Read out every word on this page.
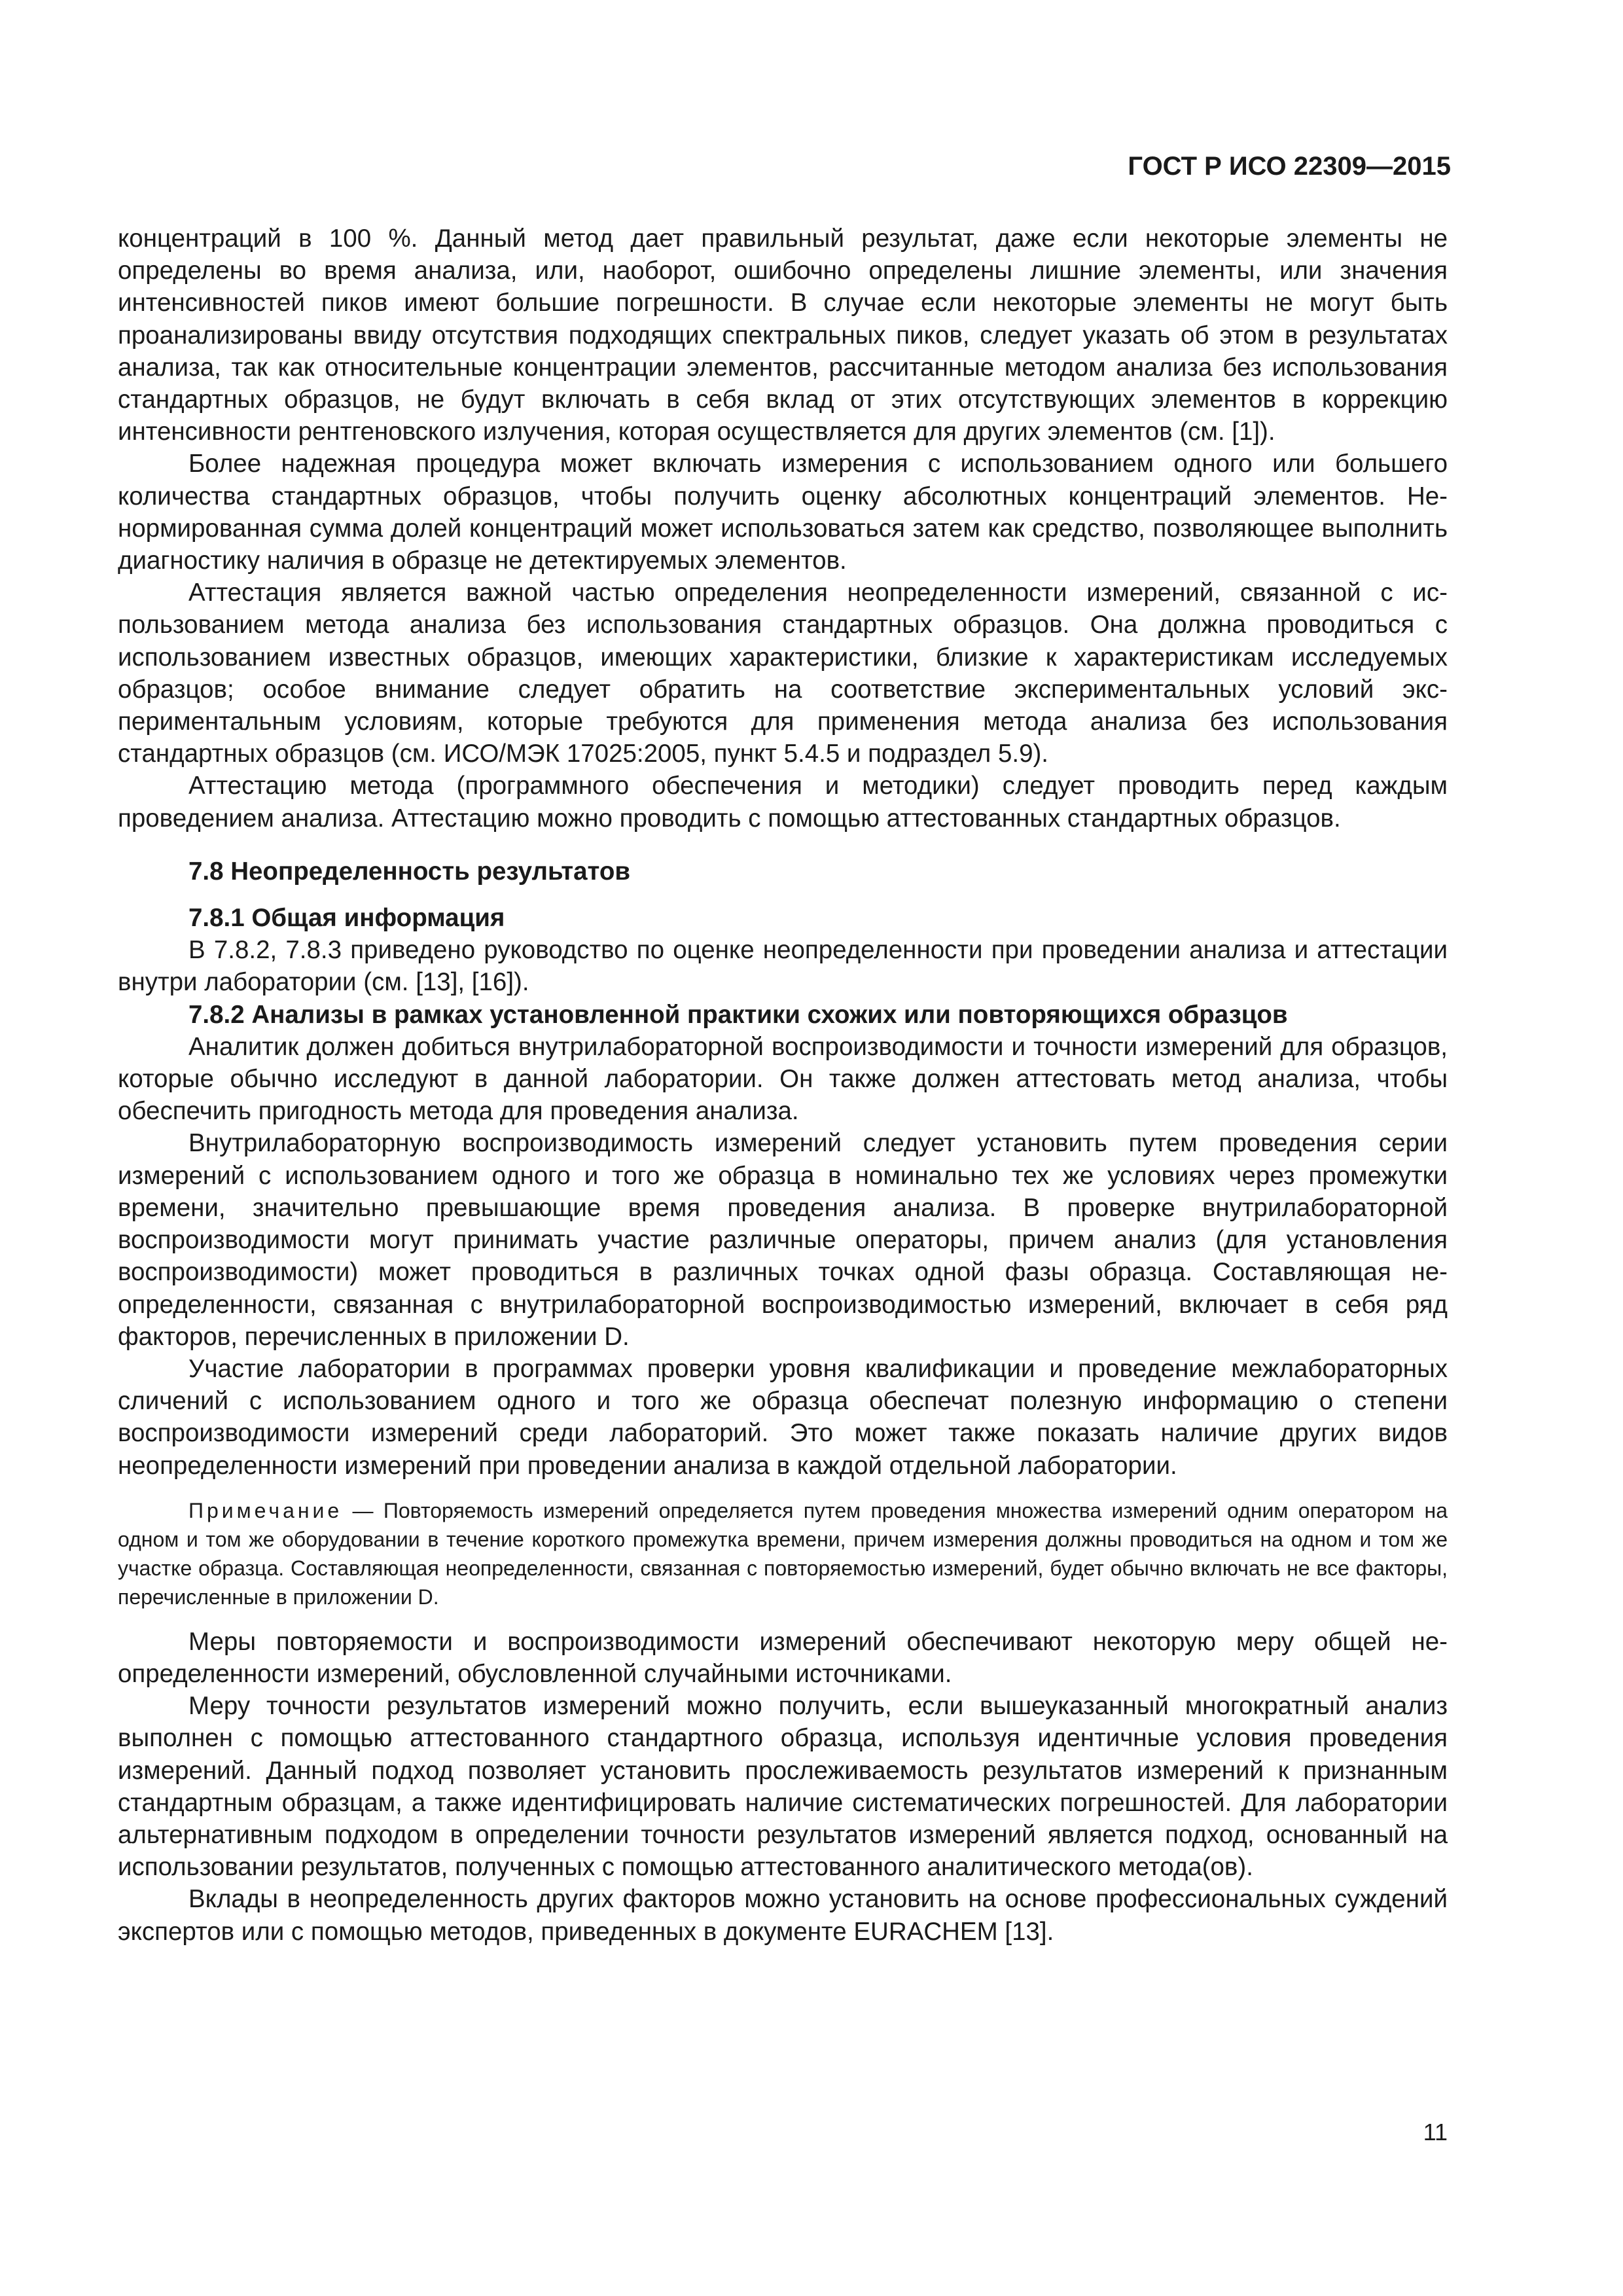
ГОСТ Р ИСО 22309—2015

концентраций в 100 %. Данный метод дает правильный результат, даже если некоторые элементы не определены во время анализа, или, наоборот, ошибочно определены лишние элементы, или значения интенсивностей пиков имеют большие погрешности. В случае если некоторые элементы не могут быть проанализированы ввиду отсутствия подходящих спектральных пиков, следует указать об этом в результатах анализа, так как относительные концентрации элементов, рассчитанные методом анализа без использования стандартных образцов, не будут включать в себя вклад от этих отсутствующих элементов в коррекцию интенсивности рентгеновского излучения, которая осуществляется для других элементов (см. [1]).

Более надежная процедура может включать измерения с использованием одного или большего количества стандартных образцов, чтобы получить оценку абсолютных концентраций элементов. Ненормированная сумма долей концентраций может использоваться затем как средство, позволяющее выполнить диагностику наличия в образце не детектируемых элементов.

Аттестация является важной частью определения неопределенности измерений, связанной с использованием метода анализа без использования стандартных образцов. Она должна проводиться с использованием известных образцов, имеющих характеристики, близкие к характеристикам исследуемых образцов; особое внимание следует обратить на соответствие экспериментальных условий экспериментальным условиям, которые требуются для применения метода анализа без использования стандартных образцов (см. ИСО/МЭК 17025:2005, пункт 5.4.5 и подраздел 5.9).

Аттестацию метода (программного обеспечения и методики) следует проводить перед каждым проведением анализа. Аттестацию можно проводить с помощью аттестованных стандартных образцов.

7.8 Неопределенность результатов

7.8.1 Общая информация

В 7.8.2, 7.8.3 приведено руководство по оценке неопределенности при проведении анализа и аттестации внутри лаборатории (см. [13], [16]).

7.8.2 Анализы в рамках установленной практики схожих или повторяющихся образцов

Аналитик должен добиться внутрилабораторной воспроизводимости и точности измерений для образцов, которые обычно исследуют в данной лаборатории. Он также должен аттестовать метод анализа, чтобы обеспечить пригодность метода для проведения анализа.

Внутрилабораторную воспроизводимость измерений следует установить путем проведения серии измерений с использованием одного и того же образца в номинально тех же условиях через промежутки времени, значительно превышающие время проведения анализа. В проверке внутрилабораторной воспроизводимости могут принимать участие различные операторы, причем анализ (для установления воспроизводимости) может проводиться в различных точках одной фазы образца. Составляющая неопределенности, связанная с внутрилабораторной воспроизводимостью измерений, включает в себя ряд факторов, перечисленных в приложении D.

Участие лаборатории в программах проверки уровня квалификации и проведение межлабораторных сличений с использованием одного и того же образца обеспечат полезную информацию о степени воспроизводимости измерений среди лабораторий. Это может также показать наличие других видов неопределенности измерений при проведении анализа в каждой отдельной лаборатории.

Примечание — Повторяемость измерений определяется путем проведения множества измерений одним оператором на одном и том же оборудовании в течение короткого промежутка времени, причем измерения должны проводиться на одном и том же участке образца. Составляющая неопределенности, связанная с повторяемостью измерений, будет обычно включать не все факторы, перечисленные в приложении D.

Меры повторяемости и воспроизводимости измерений обеспечивают некоторую меру общей неопределенности измерений, обусловленной случайными источниками.

Меру точности результатов измерений можно получить, если вышеуказанный многократный анализ выполнен с помощью аттестованного стандартного образца, используя идентичные условия проведения измерений. Данный подход позволяет установить прослеживаемость результатов измерений к признанным стандартным образцам, а также идентифицировать наличие систематических погрешностей. Для лаборатории альтернативным подходом в определении точности результатов измерений является подход, основанный на использовании результатов, полученных с помощью аттестованного аналитического метода(ов).

Вклады в неопределенность других факторов можно установить на основе профессиональных суждений экспертов или с помощью методов, приведенных в документе EURACHEM [13].

11
